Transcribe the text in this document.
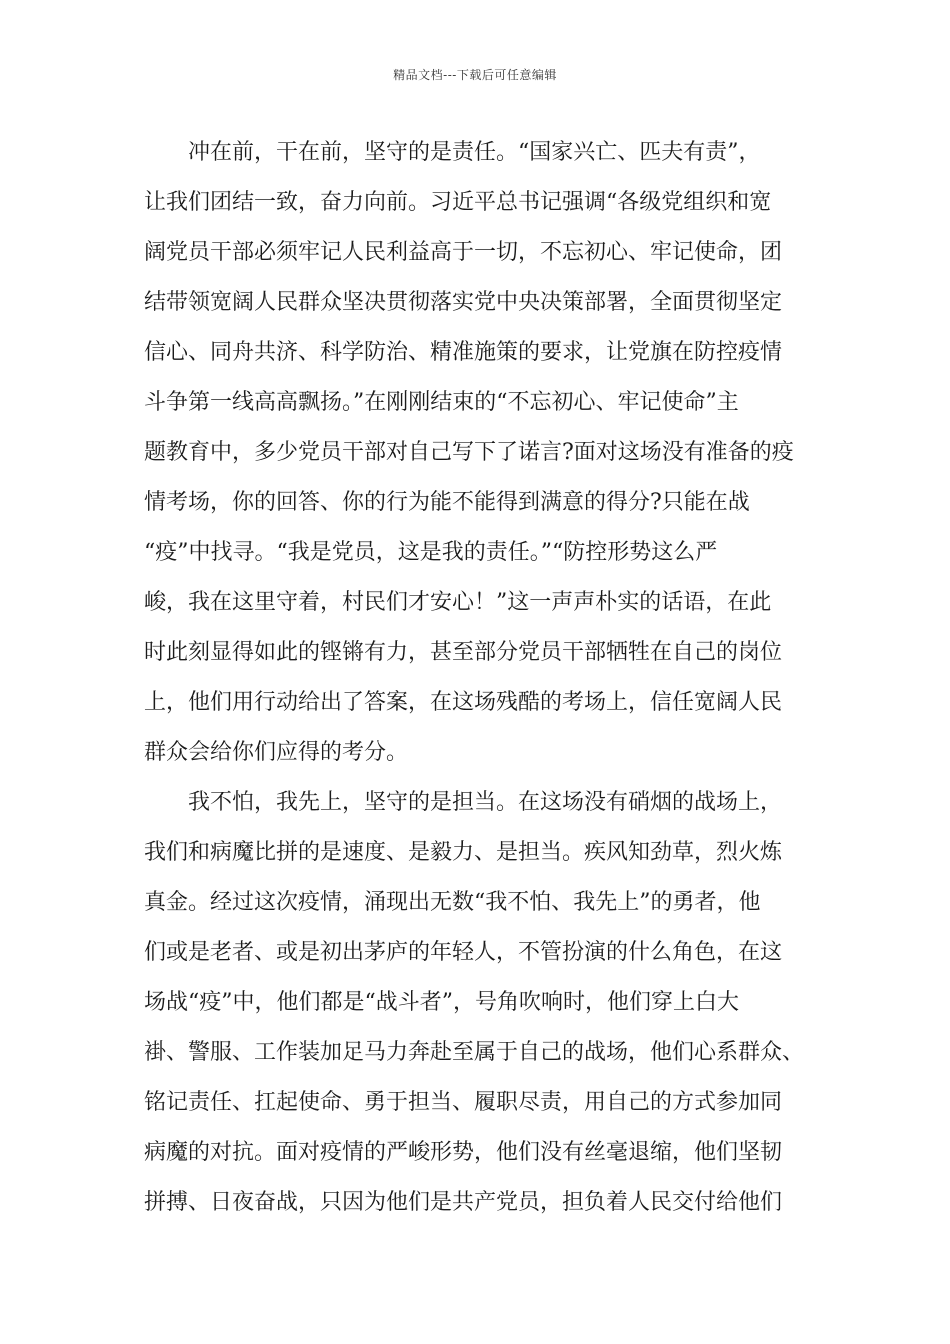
精品文档---下载后可任意编辑
冲在前，干在前，坚守的是责任。“国家兴亡、匹夫有责”，
让我们团结一致，奋力向前。习近平总书记强调“各级党组织和宽
阔党员干部必须牢记人民利益高于一切，不忘初心、牢记使命，团
结带领宽阔人民群众坚决贯彻落实党中央决策部署，全面贯彻坚定
信心、同舟共济、科学防治、精准施策的要求，让党旗在防控疫情
斗争第一线高高飘扬。”在刚刚结束的“不忘初心、牢记使命”主
题教育中，多少党员干部对自己写下了诺言?面对这场没有准备的疫
情考场，你的回答、你的行为能不能得到满意的得分?只能在战
“疫”中找寻。“我是党员，这是我的责任。”“防控形势这么严
峻，我在这里守着，村民们才安心！”这一声声朴实的话语，在此
时此刻显得如此的铿锵有力，甚至部分党员干部牺牲在自己的岗位
上，他们用行动给出了答案，在这场残酷的考场上，信任宽阔人民
群众会给你们应得的考分。
我不怕，我先上，坚守的是担当。在这场没有硝烟的战场上，
我们和病魔比拼的是速度、是毅力、是担当。疾风知劲草，烈火炼
真金。经过这次疫情，涌现出无数“我不怕、我先上”的勇者，他
们或是老者、或是初出茅庐的年轻人，不管扮演的什么角色，在这
场战“疫”中，他们都是“战斗者”，号角吹响时，他们穿上白大
褂、警服、工作装加足马力奔赴至属于自己的战场，他们心系群众、
铭记责任、扛起使命、勇于担当、履职尽责，用自己的方式参加同
病魔的对抗。面对疫情的严峻形势，他们没有丝毫退缩，他们坚韧
拼搏、日夜奋战，只因为他们是共产党员，担负着人民交付给他们
